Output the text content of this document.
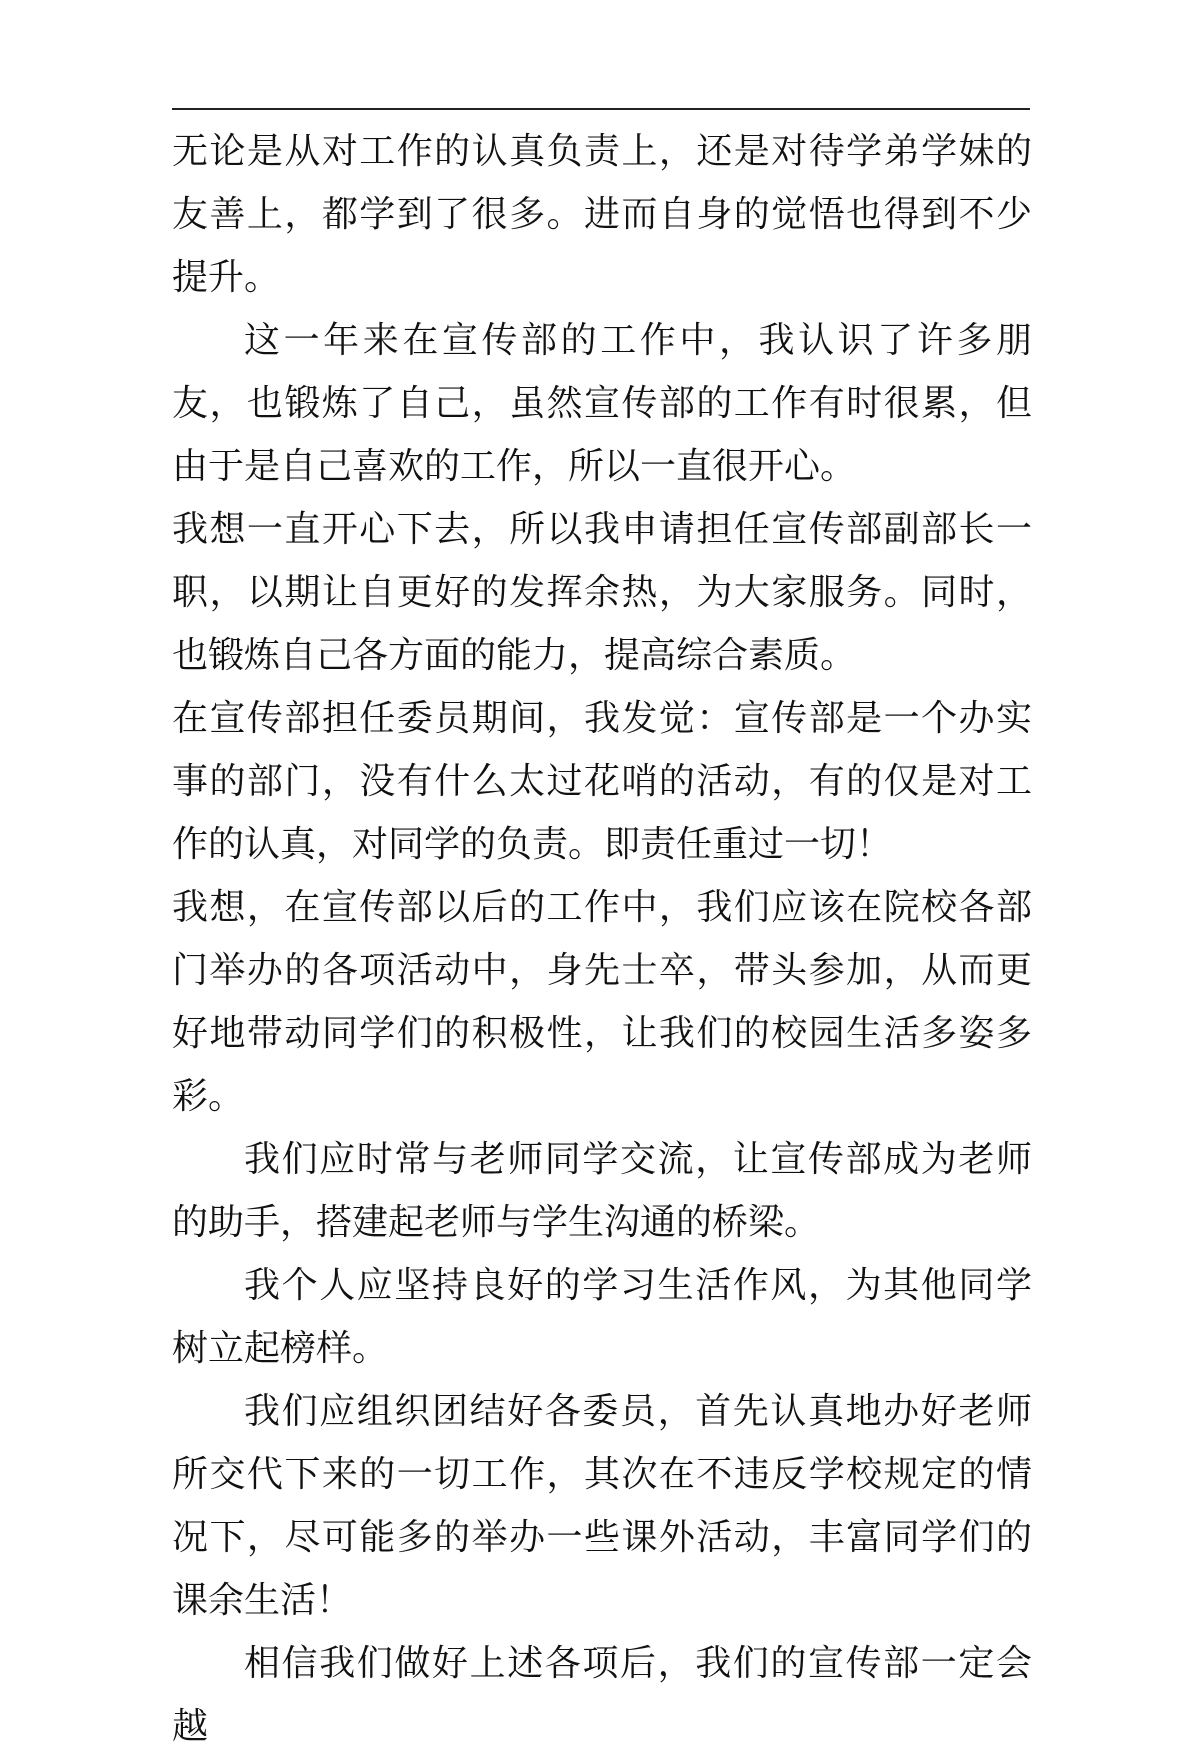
无论是从对工作的认真负责上，还是对待学弟学妹的友善上，都学到了很多。进而自身的觉悟也得到不少提升。

这一年来在宣传部的工作中，我认识了许多朋友，也锻炼了自己，虽然宣传部的工作有时很累，但由于是自己喜欢的工作，所以一直很开心。

我想一直开心下去，所以我申请担任宣传部副部长一职，以期让自更好的发挥余热，为大家服务。同时，也锻炼自己各方面的能力，提高综合素质。

在宣传部担任委员期间，我发觉：宣传部是一个办实事的部门，没有什么太过花哨的活动，有的仅是对工作的认真，对同学的负责。即责任重过一切！

我想，在宣传部以后的工作中，我们应该在院校各部门举办的各项活动中，身先士卒，带头参加，从而更好地带动同学们的积极性，让我们的校园生活多姿多彩。

我们应时常与老师同学交流，让宣传部成为老师的助手，搭建起老师与学生沟通的桥梁。

我个人应坚持良好的学习生活作风，为其他同学树立起榜样。

我们应组织团结好各委员，首先认真地办好老师所交代下来的一切工作，其次在不违反学校规定的情况下，尽可能多的举办一些课外活动，丰富同学们的课余生活！

相信我们做好上述各项后，我们的宣传部一定会越
